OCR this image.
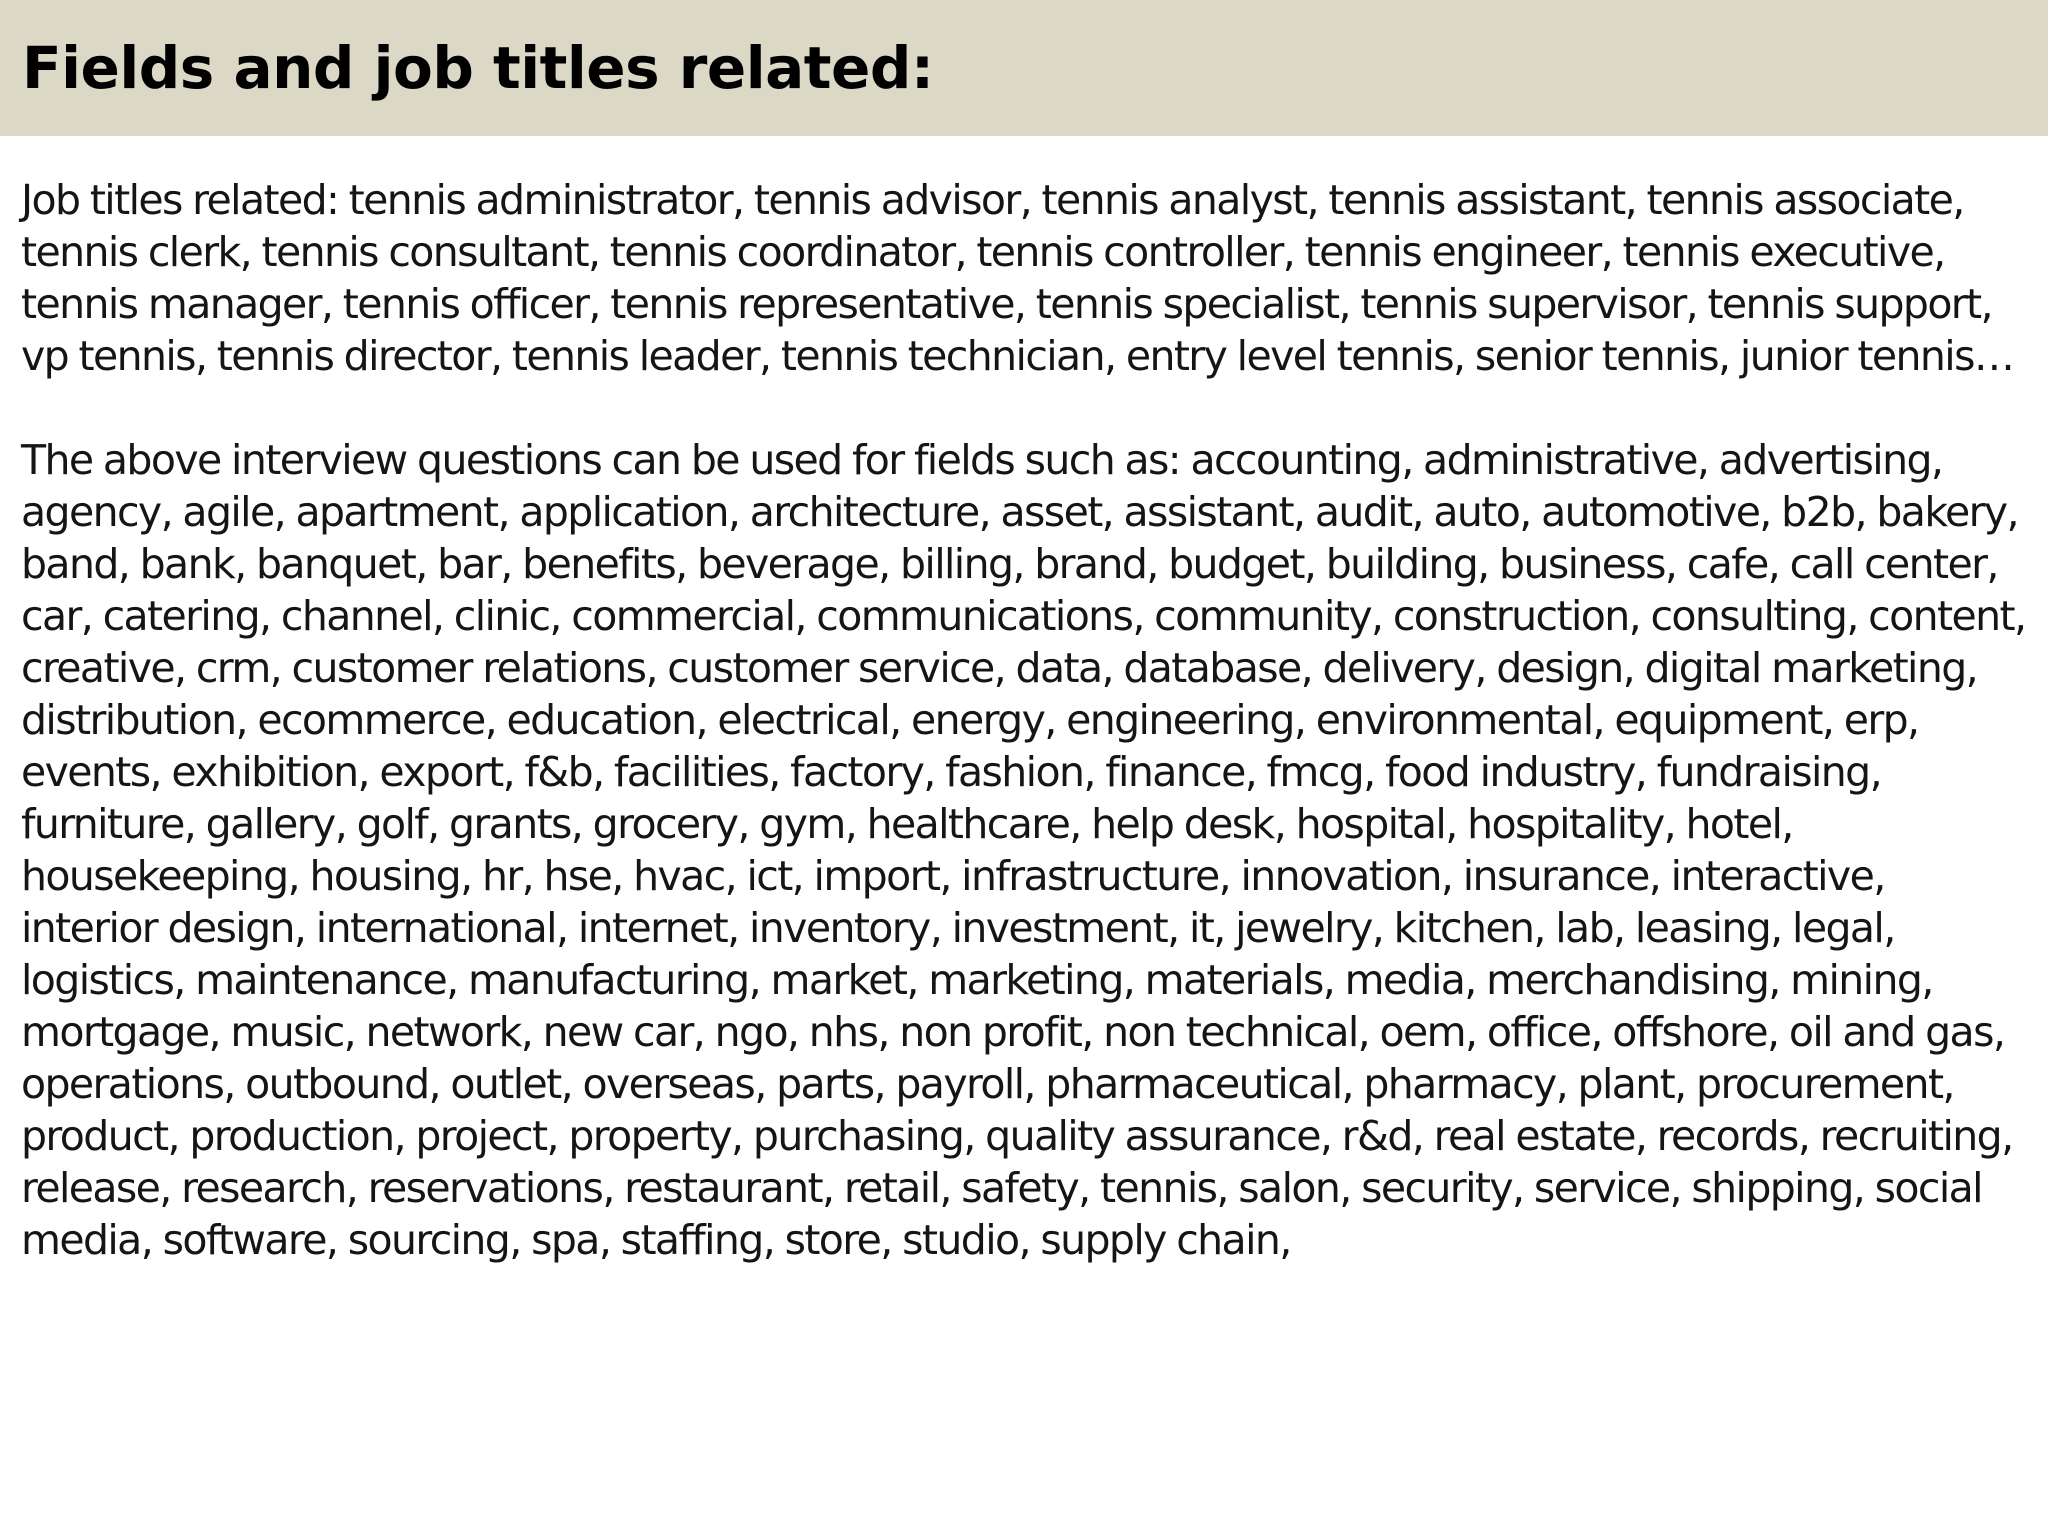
Fields and job titles related:

Job titles related: tennis administrator, tennis advisor, tennis analyst, tennis assistant, tennis associate, tennis clerk, tennis consultant, tennis coordinator, tennis controller, tennis engineer, tennis executive, tennis manager, tennis officer, tennis representative, tennis specialist, tennis supervisor, tennis support, vp tennis, tennis director, tennis leader, tennis technician, entry level tennis, senior tennis, junior tennis…

The above interview questions can be used for fields such as: accounting, administrative, advertising, agency, agile, apartment, application, architecture, asset, assistant, audit, auto, automotive, b2b, bakery, band, bank, banquet, bar, benefits, beverage, billing, brand, budget, building, business, cafe, call center, car, catering, channel, clinic, commercial, communications, community, construction, consulting, content, creative, crm, customer relations, customer service, data, database, delivery, design, digital marketing, distribution, ecommerce, education, electrical, energy, engineering, environmental, equipment, erp, events, exhibition, export, f&b, facilities, factory, fashion, finance, fmcg, food industry, fundraising, furniture, gallery, golf, grants, grocery, gym, healthcare, help desk, hospital, hospitality, hotel, housekeeping, housing, hr, hse, hvac, ict, import, infrastructure, innovation, insurance, interactive, interior design, international, internet, inventory, investment, it, jewelry, kitchen, lab, leasing, legal, logistics, maintenance, manufacturing, market, marketing, materials, media, merchandising, mining, mortgage, music, network, new car, ngo, nhs, non profit, non technical, oem, office, offshore, oil and gas, operations, outbound, outlet, overseas, parts, payroll, pharmaceutical, pharmacy, plant, procurement, product, production, project, property, purchasing, quality assurance, r&d, real estate, records, recruiting, release, research, reservations, restaurant, retail, safety, tennis, salon, security, service, shipping, social media, software, sourcing, spa, staffing, store, studio, supply chain,
